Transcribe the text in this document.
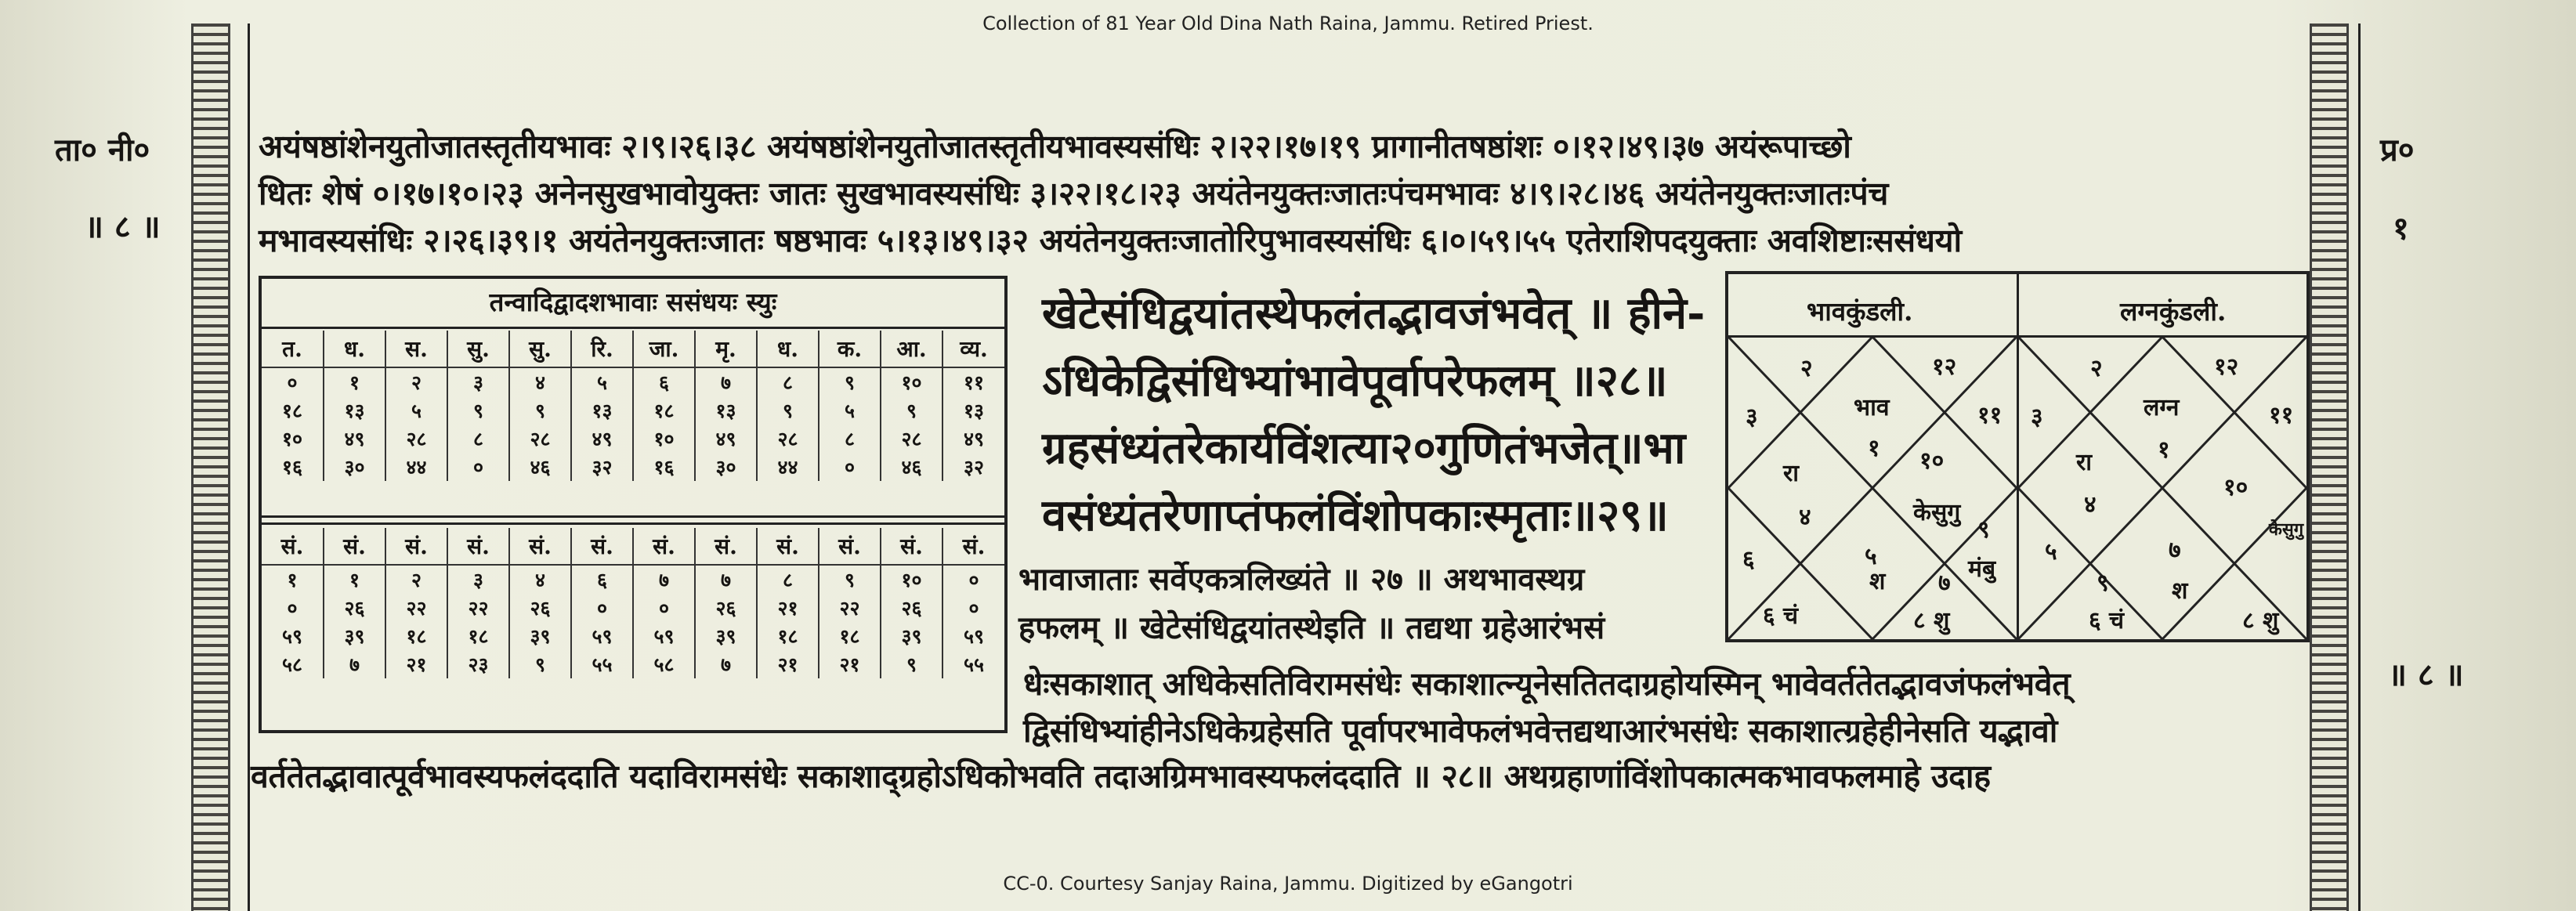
Collection of 81 Year Old Dina Nath Raina, Jammu. Retired Priest.
ता० नी०
॥ ८ ॥
प्र०
१
॥ ८ ॥
अयंषष्ठांशेनयुतोजातस्तृतीयभावः २।९।२६।३८ अयंषष्ठांशेनयुतोजातस्तृतीयभावस्यसंधिः २।२२।१७।१९ प्रागानीतषष्ठांशः ०।१२।४९।३७ अयंरूपाच्छो
धितः शेषं ०।१७।१०।२३ अनेनसुखभावोयुक्तः जातः सुखभावस्यसंधिः ३।२२।१८।२३ अयंतेनयुक्तःजातःपंचमभावः ४।९।२८।४६ अयंतेनयुक्तःजातःपंच
मभावस्यसंधिः २।२६।३९।१ अयंतेनयुक्तःजातः षष्ठभावः ५।१३।४९।३२ अयंतेनयुक्तःजातोरिपुभावस्यसंधिः ६।०।५९।५५ एतेराशिपदयुक्ताः अवशिष्टाःससंधयो
तन्वादिद्वादशभावाः ससंधयः स्युः
त.	ध.	स.	सु.	सु.	रि.	जा.	मृ.	ध.	क.	आ.	व्य.
०	१	२	३	४	५	६	७	८	९	१०	११
१८	१३	५	९	९	१३	१८	१३	९	५	९	१३
१०	४९	२८	८	२८	४९	१०	४९	२८	८	२८	४९
१६	३०	४४	०	४६	३२	१६	३०	४४	०	४६	३२
सं.	सं.	सं.	सं.	सं.	सं.	सं.	सं.	सं.	सं.	सं.	सं.
१	१	२	३	४	६	७	७	८	९	१०	०
०	२६	२२	२२	२६	०	०	२६	२१	२२	२६	०
५९	३९	१८	१८	३९	५९	५९	३९	१८	१८	३९	५९
५८	७	२१	२३	९	५५	५८	७	२१	२१	९	५५
खेटेसंधिद्वयांतस्थेफलंतद्भावजंभवेत् ॥ हीने-
ऽधिकेद्विसंधिभ्यांभावेपूर्वापरेफलम् ॥२८॥
ग्रहसंध्यंतरेकार्यविंशत्या२०गुणितंभजेत्॥भा
वसंध्यंतरेणाप्तंफलंविंशोपकाःस्मृताः॥२९॥
भावाजाताः सर्वेएकत्रलिख्यंते ॥ २७ ॥ अथभावस्थग्र
हफलम् ॥ खेटेसंधिद्वयांतस्थेइति ॥ तद्यथा ग्रहेआरंभसं
भावकुंडली.	लग्नकुंडली.
२	१२
भाव	११
३
१
रा	१०
४	केसुगु
६
९
श	मंबु
५
६ चं
७
८ शु
२	१२
लग्न	११
३
रा	१
४
१०
५	७
केसुगु
९	श
६ चं	८ शु
धेःसकाशात् अधिकेसतिविरामसंधेः सकाशात्न्यूनेसतितदाग्रहोयस्मिन् भावेवर्ततेतद्भावजंफलंभवेत्
द्विसंधिभ्यांहीनेऽधिकेग्रहेसति पूर्वापरभावेफलंभवेत्तद्यथाआरंभसंधेः सकाशात्ग्रहेहीनेसति यद्भावो
वर्ततेतद्भावात्पूर्वभावस्यफलंददाति यदाविरामसंधेः सकाशाद्ग्रहोऽधिकोभवति तदाअग्रिमभावस्यफलंददाति ॥ २८॥ अथग्रहाणांविंशोपकात्मकभावफलमाहे उदाह
CC-0. Courtesy Sanjay Raina, Jammu. Digitized by eGangotri
